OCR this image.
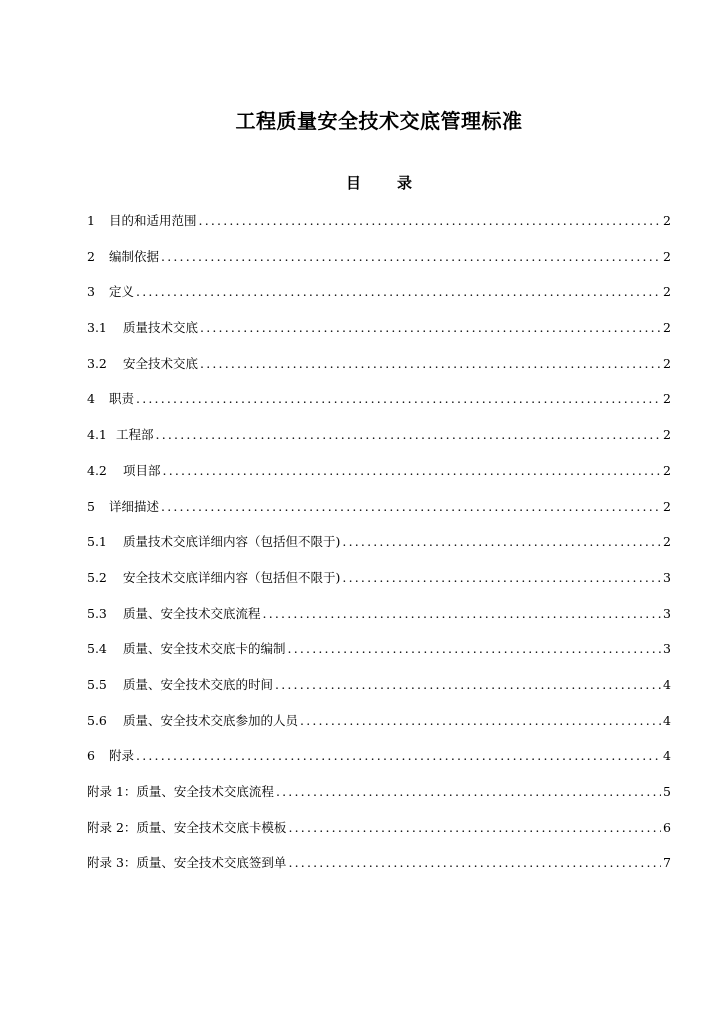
工程质量安全技术交底管理标准
目 录
1	目的和适用范围 .....	2
2	编制依据 .....	2
3	定义 .....	2
3.1	质量技术交底 .....	2
3.2	安全技术交底 .....	2
4	职责 .....	2
4.1 工程部 .....	2
4.2	项目部 .....	2
5	详细描述 .....	2
5.1	质量技术交底详细内容（包括但不限于) .....	2
5.2	安全技术交底详细内容（包括但不限于) .....	3
5.3	质量、安全技术交底流程 .....	3
5.4	质量、安全技术交底卡的编制 .....	3
5.5	质量、安全技术交底的时间 .....	4
5.6	质量、安全技术交底参加的人员 .....	4
6	附录 .....	4
附录 1：质量、安全技术交底流程 .....	5
附录 2：质量、安全技术交底卡模板 .....	6
附录 3：质量、安全技术交底签到单 .....	7
